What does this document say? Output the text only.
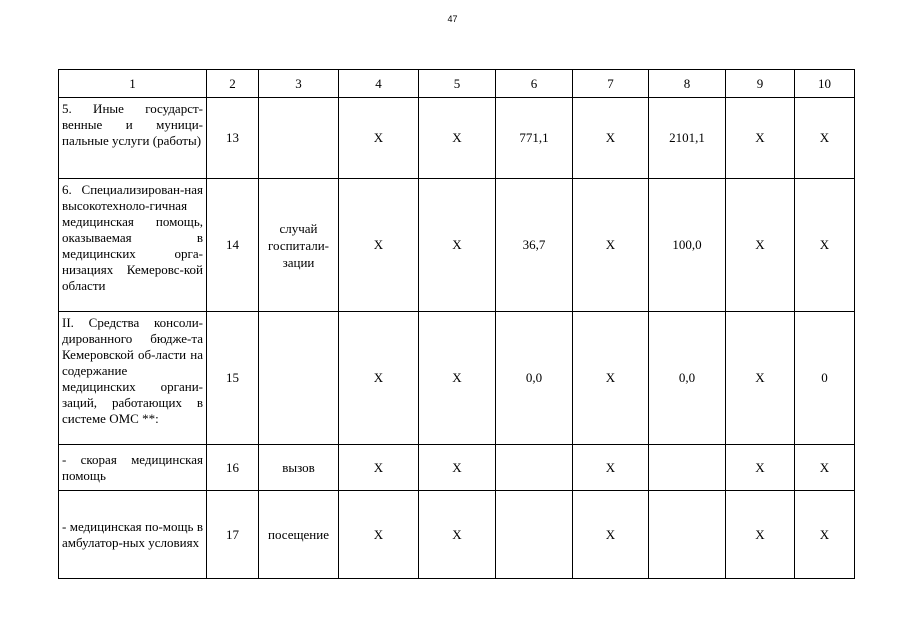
47
1	2	3	4	5	6	7	8	9	10
5. Иные государст-венные и муници-пальные услуги (работы)	13		X	X	771,1	X	2101,1	X	X
6. Специализирован-ная высокотехноло-гичная медицинская помощь, оказываемая в медицинских орга-низациях Кемеровс-кой области	14	случай госпитали-зации	X	X	36,7	X	100,0	X	X
II. Средства консоли-дированного бюдже-та Кемеровской об-ласти на содержание медицинских органи-заций, работающих в системе ОМС **:	15		X	X	0,0	X	0,0	X	0
- скорая медицинская помощь	16	вызов	X	X		X		X	X
- медицинская по-мощь в амбулатор-ных условиях	17	посещение	X	X		X		X	X
